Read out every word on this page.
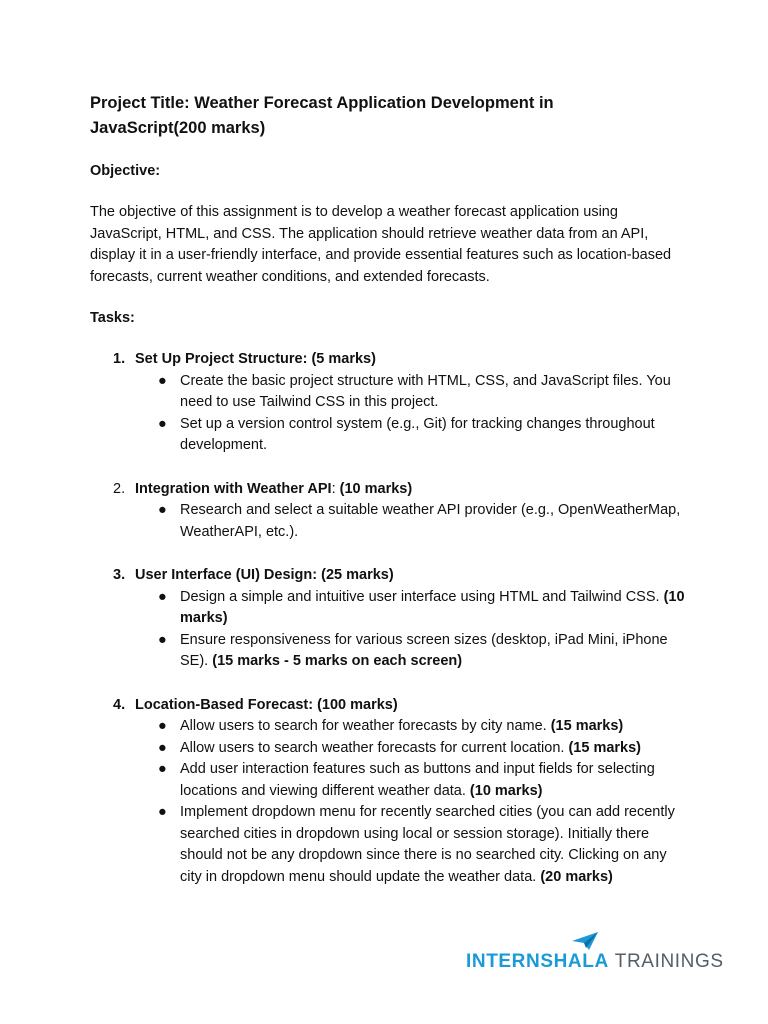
Project Title: Weather Forecast Application Development in
JavaScript(200 marks)

Objective:

The objective of this assignment is to develop a weather forecast application using JavaScript, HTML, and CSS. The application should retrieve weather data from an API, display it in a user-friendly interface, and provide essential features such as location-based forecasts, current weather conditions, and extended forecasts.

Tasks:

1. Set Up Project Structure: (5 marks)
● Create the basic project structure with HTML, CSS, and JavaScript files. You need to use Tailwind CSS in this project.
● Set up a version control system (e.g., Git) for tracking changes throughout development.
2. Integration with Weather API: (10 marks)
● Research and select a suitable weather API provider (e.g., OpenWeatherMap, WeatherAPI, etc.).
3. User Interface (UI) Design: (25 marks)
● Design a simple and intuitive user interface using HTML and Tailwind CSS. (10 marks)
● Ensure responsiveness for various screen sizes (desktop, iPad Mini, iPhone SE). (15 marks - 5 marks on each screen)
4. Location-Based Forecast: (100 marks)
● Allow users to search for weather forecasts by city name. (15 marks)
● Allow users to search weather forecasts for current location. (15 marks)
● Add user interaction features such as buttons and input fields for selecting locations and viewing different weather data. (10 marks)
● Implement dropdown menu for recently searched cities (you can add recently searched cities in dropdown using local or session storage). Initially there should not be any dropdown since there is no searched city. Clicking on any city in dropdown menu should update the weather data. (20 marks)
INTERNSHALA TRAININGS
